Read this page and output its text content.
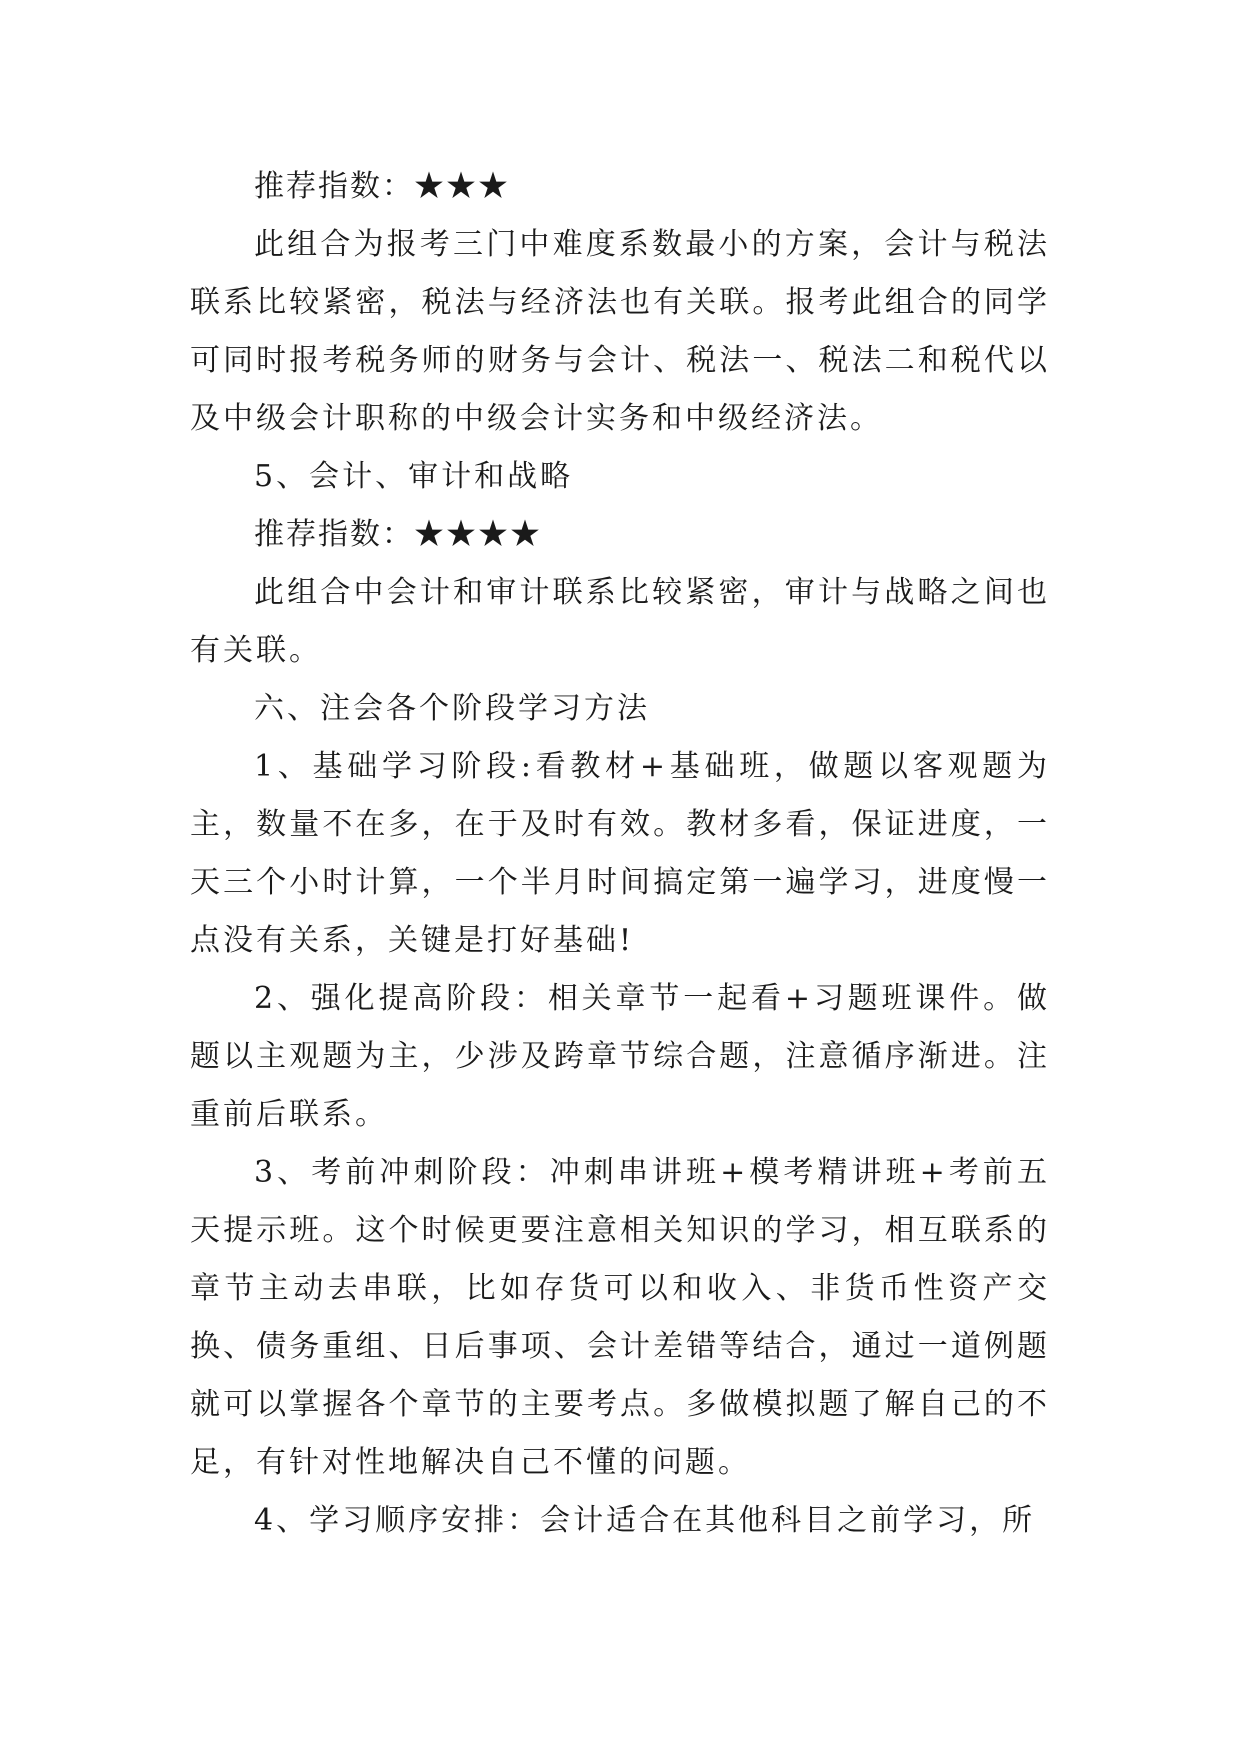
推荐指数：★★★

此组合为报考三门中难度系数最小的方案，会计与税法联系比较紧密，税法与经济法也有关联。报考此组合的同学可同时报考税务师的财务与会计、税法一、税法二和税代以及中级会计职称的中级会计实务和中级经济法。

5、会计、审计和战略

推荐指数：★★★★

此组合中会计和审计联系比较紧密，审计与战略之间也有关联。

六、注会各个阶段学习方法

1、基础学习阶段:看教材+基础班，做题以客观题为主，数量不在多，在于及时有效。教材多看，保证进度，一天三个小时计算，一个半月时间搞定第一遍学习，进度慢一点没有关系，关键是打好基础!

2、强化提高阶段：相关章节一起看+习题班课件。做题以主观题为主，少涉及跨章节综合题，注意循序渐进。注重前后联系。

3、考前冲刺阶段：冲刺串讲班+模考精讲班+考前五天提示班。这个时候更要注意相关知识的学习，相互联系的章节主动去串联，比如存货可以和收入、非货币性资产交换、债务重组、日后事项、会计差错等结合，通过一道例题就可以掌握各个章节的主要考点。多做模拟题了解自己的不足，有针对性地解决自己不懂的问题。

4、学习顺序安排：会计适合在其他科目之前学习，所
